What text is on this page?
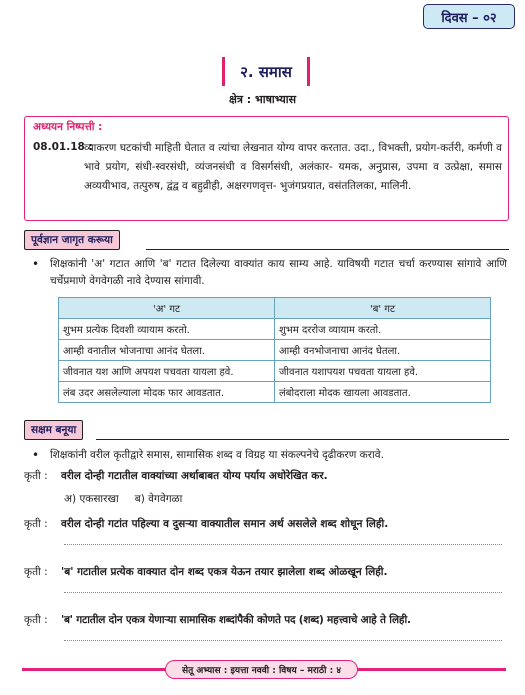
दिवस – ०२
२. समास
क्षेत्र : भाषाभ्यास
अध्ययन निष्पत्ती :
08.01.18 :
व्याकरण घटकांची माहिती घेतात व त्यांचा लेखनात योग्य वापर करतात. उदा., विभक्ती, प्रयोग-कर्तरी, कर्मणी व भावे प्रयोग, संधी-स्वरसंधी, व्यंजनसंधी व विसर्गसंधी, अलंकार- यमक, अनुप्रास, उपमा व उत्प्रेक्षा, समास अव्ययीभाव, तत्पुरुष, द्वंद्व व बहुव्रीही, अक्षरगणवृत्त- भुजंगप्रयात, वसंततिलका, मालिनी.
पूर्वज्ञान जागृत करूया
•	शिक्षकांनी 'अ' गटात आणि 'ब' गटात दिलेल्या वाक्यांत काय साम्य आहे. याविषयी गटात चर्चा करण्यास सांगावे आणि चर्चेप्रमाणे वेगवेगळी नावे देण्यास सांगावी.
'अ' गट	'ब' गट
शुभम प्रत्येक दिवशी व्यायाम करतो.	शुभम दररोज व्यायाम करतो.
आम्ही वनातील भोजनाचा आनंद घेतला.	आम्ही वनभोजनाचा आनंद घेतला.
जीवनात यश आणि अपयश पचवता यायला हवे.	जीवनात यशापयश पचवता यायला हवे.
लंब उदर असलेल्याला मोदक फार आवडतात.	लंबोदराला मोदक खायला आवडतात.
सक्षम बनूया
•	शिक्षकांनी वरील कृतीद्वारे समास, सामासिक शब्द व विग्रह या संकल्पनेचे दृढीकरण करावे.
कृती :	वरील दोन्ही गटातील वाक्यांच्या अर्थाबाबत योग्य पर्याय अधोरेखित कर.
अ) एकसारखा ब) वेगवेगळा
कृती :	वरील दोन्ही गटांत पहिल्या व दुसऱ्या वाक्यातील समान अर्थ असलेले शब्द शोधून लिही.
कृती :	'ब' गटातील प्रत्येक वाक्यात दोन शब्द एकत्र येऊन तयार झालेला शब्द ओळखून लिही.
कृती :	'ब' गटातील दोन एकत्र येणाऱ्या सामासिक शब्दांपैकी कोणते पद (शब्द) महत्त्वाचे आहे ते लिही.
सेतू अभ्यास : इयत्ता नववी : विषय – मराठी : ४
